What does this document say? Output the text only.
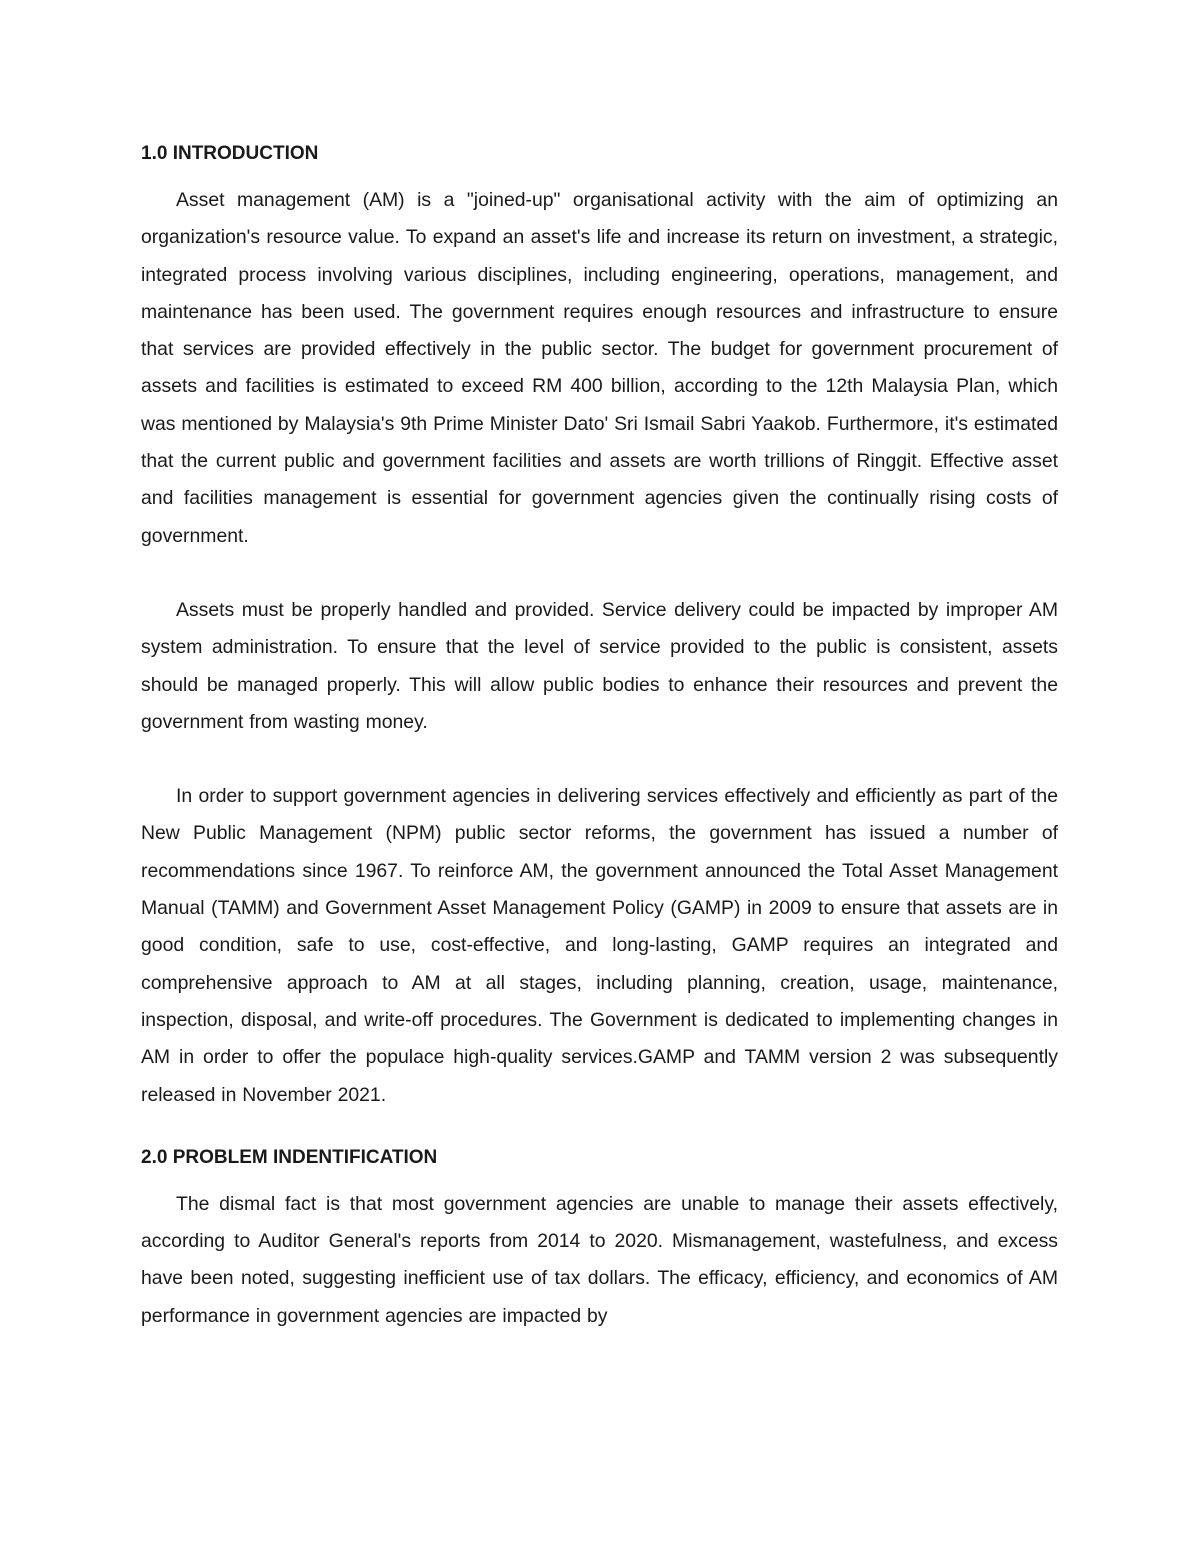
1.0 INTRODUCTION

Asset management (AM) is a "joined-up" organisational activity with the aim of optimizing an organization's resource value. To expand an asset's life and increase its return on investment, a strategic, integrated process involving various disciplines, including engineering, operations, management, and maintenance has been used. The government requires enough resources and infrastructure to ensure that services are provided effectively in the public sector. The budget for government procurement of assets and facilities is estimated to exceed RM 400 billion, according to the 12th Malaysia Plan, which was mentioned by Malaysia's 9th Prime Minister Dato' Sri Ismail Sabri Yaakob. Furthermore, it's estimated that the current public and government facilities and assets are worth trillions of Ringgit. Effective asset and facilities management is essential for government agencies given the continually rising costs of government.

Assets must be properly handled and provided. Service delivery could be impacted by improper AM system administration. To ensure that the level of service provided to the public is consistent, assets should be managed properly. This will allow public bodies to enhance their resources and prevent the government from wasting money.

In order to support government agencies in delivering services effectively and efficiently as part of the New Public Management (NPM) public sector reforms, the government has issued a number of recommendations since 1967. To reinforce AM, the government announced the Total Asset Management Manual (TAMM) and Government Asset Management Policy (GAMP) in 2009 to ensure that assets are in good condition, safe to use, cost-effective, and long-lasting, GAMP requires an integrated and comprehensive approach to AM at all stages, including planning, creation, usage, maintenance, inspection, disposal, and write-off procedures. The Government is dedicated to implementing changes in AM in order to offer the populace high-quality services.GAMP and TAMM version 2 was subsequently released in November 2021.

2.0 PROBLEM INDENTIFICATION

The dismal fact is that most government agencies are unable to manage their assets effectively, according to Auditor General's reports from 2014 to 2020. Mismanagement, wastefulness, and excess have been noted, suggesting inefficient use of tax dollars. The efficacy, efficiency, and economics of AM performance in government agencies are impacted by
